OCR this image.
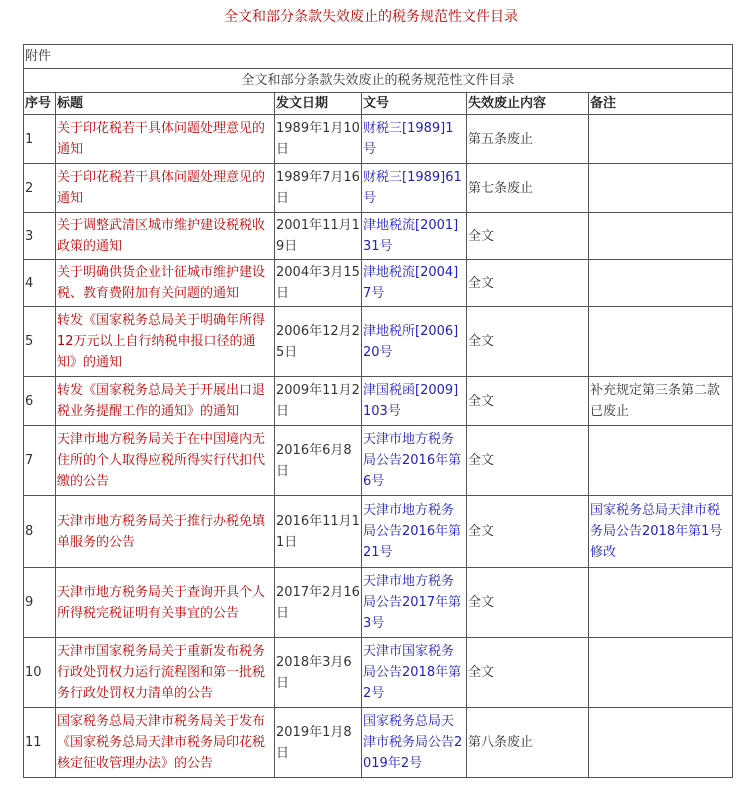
全文和部分条款失效废止的税务规范性文件目录
附件					
全文和部分条款失效废止的税务规范性文件目录					
序号	标题	发文日期	文号	失效废止内容	备注
1	关于印花税若干具体问题处理意见的通知	1989年1月10日	财税三[1989]1号	第五条废止	
2	关于印花税若干具体问题处理意见的通知	1989年7月16日	财税三[1989]61号	第七条废止	
3	关于调整武清区城市维护建设税税收政策的通知	2001年11月19日	津地税流[2001]31号	全文	
4	关于明确供货企业计征城市维护建设税、教育费附加有关问题的通知	2004年3月15日	津地税流[2004]7号	全文	
5	转发《国家税务总局关于明确年所得12万元以上自行纳税申报口径的通知》的通知	2006年12月25日	津地税所[2006]20号	全文	
6	转发《国家税务总局关于开展出口退税业务提醒工作的通知》的通知	2009年11月2日	津国税函[2009]103号	全文	补充规定第三条第二款已废止
7	天津市地方税务局关于在中国境内无住所的个人取得应税所得实行代扣代缴的公告	2016年6月8日	天津市地方税务局公告2016年第6号	全文	
8	天津市地方税务局关于推行办税免填单服务的公告	2016年11月11日	天津市地方税务局公告2016年第21号	全文	国家税务总局天津市税务局公告2018年第1号修改
9	天津市地方税务局关于查询开具个人所得税完税证明有关事宜的公告	2017年2月16日	天津市地方税务局公告2017年第3号	全文	
10	天津市国家税务局关于重新发布税务行政处罚权力运行流程图和第一批税务行政处罚权力清单的公告	2018年3月6日	天津市国家税务局公告2018年第2号	全文	
11	国家税务总局天津市税务局关于发布《国家税务总局天津市税务局印花税核定征收管理办法》的公告	2019年1月8日	国家税务总局天津市税务局公告2019年2号	第八条废止	
